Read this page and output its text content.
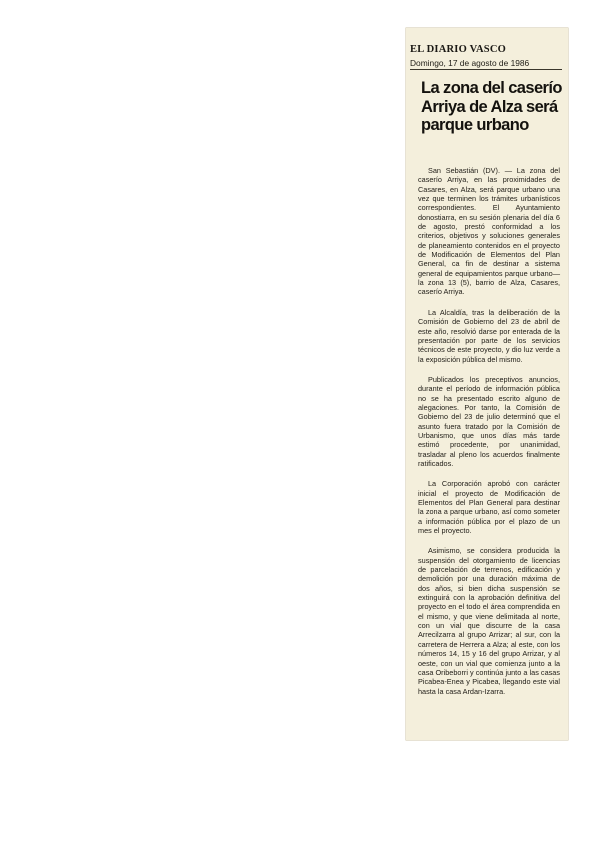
EL DIARIO VASCO
Domingo, 17 de agosto de 1986
La zona del caserío Arriya de Alza será parque urbano

San Sebastián (DV). — La zona del caserío Arriya, en las proximidades de Casares, en Alza, será parque urbano una vez que terminen los trámites urbanísticos correspondientes. El Ayuntamiento donostiarra, en su sesión plenaria del día 6 de agosto, prestó conformidad a los criterios, objetivos y soluciones generales de planeamiento contenidos en el proyecto de Modificación de Elementos del Plan General, ca fin de destinar a sistema general de equipamientos parque urbano— la zona 13 (5), barrio de Alza, Casares, caserío Arriya.

La Alcaldía, tras la deliberación de la Comisión de Gobierno del 23 de abril de este año, resolvió darse por enterada de la presentación por parte de los servicios técnicos de este proyecto, y dio luz verde a la exposición pública del mismo.

Publicados los preceptivos anuncios, durante el período de información pública no se ha presentado escrito alguno de alegaciones. Por tanto, la Comisión de Gobierno del 23 de julio determinó que el asunto fuera tratado por la Comisión de Urbanismo, que unos días más tarde estimó procedente, por unanimidad, trasladar al pleno los acuerdos finalmente ratificados.

La Corporación aprobó con carácter inicial el proyecto de Modificación de Elementos del Plan General para destinar la zona a parque urbano, así como someter a información pública por el plazo de un mes el proyecto.

Asimismo, se considera producida la suspensión del otorgamiento de licencias de parcelación de terrenos, edificación y demolición por una duración máxima de dos años, si bien dicha suspensión se extinguirá con la aprobación definitiva del proyecto en el todo el área comprendida en el mismo, y que viene delimitada al norte, con un vial que discurre de la casa Arrecilzarra al grupo Arrizar; al sur, con la carretera de Herrera a Alza; al este, con los números 14, 15 y 16 del grupo Arrizar, y al oeste, con un vial que comienza junto a la casa Oribeborri y continúa junto a las casas Picabea-Enea y Picabea, llegando este vial hasta la casa Ardan-Izarra.
